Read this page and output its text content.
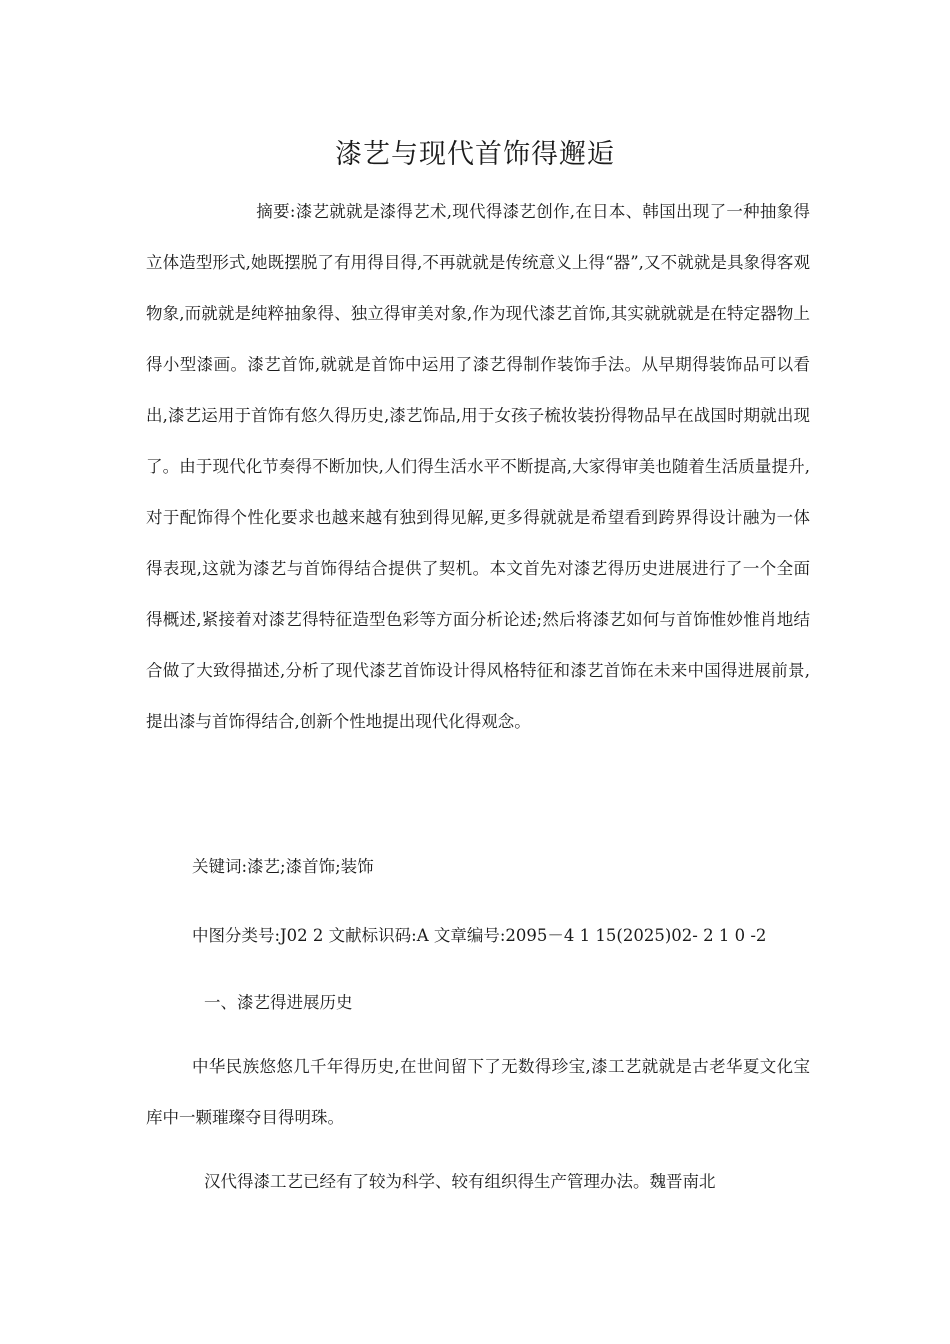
漆艺与现代首饰得邂逅

摘要:漆艺就就是漆得艺术,现代得漆艺创作,在日本、韩国出现了一种抽象得立体造型形式,她既摆脱了有用得目得,不再就就是传统意义上得“器”,又不就就是具象得客观物象,而就就是纯粹抽象得、独立得审美对象,作为现代漆艺首饰,其实就就就是在特定器物上得小型漆画。漆艺首饰,就就是首饰中运用了漆艺得制作装饰手法。从早期得装饰品可以看出,漆艺运用于首饰有悠久得历史,漆艺饰品,用于女孩子梳妆装扮得物品早在战国时期就出现了。由于现代化节奏得不断加快,人们得生活水平不断提高,大家得审美也随着生活质量提升,对于配饰得个性化要求也越来越有独到得见解,更多得就就是希望看到跨界得设计融为一体得表现,这就为漆艺与首饰得结合提供了契机。本文首先对漆艺得历史进展进行了一个全面得概述,紧接着对漆艺得特征造型色彩等方面分析论述;然后将漆艺如何与首饰惟妙惟肖地结合做了大致得描述,分析了现代漆艺首饰设计得风格特征和漆艺首饰在未来中国得进展前景,提出漆与首饰得结合,创新个性地提出现代化得观念。

关键词:漆艺;漆首饰;装饰

中图分类号:J02 2 文献标识码:A 文章编号:2095－4 1 15(2025)02- 2 1 0 -2

一、漆艺得进展历史

中华民族悠悠几千年得历史,在世间留下了无数得珍宝,漆工艺就就是古老华夏文化宝库中一颗璀璨夺目得明珠。

汉代得漆工艺已经有了较为科学、较有组织得生产管理办法。魏晋南北
